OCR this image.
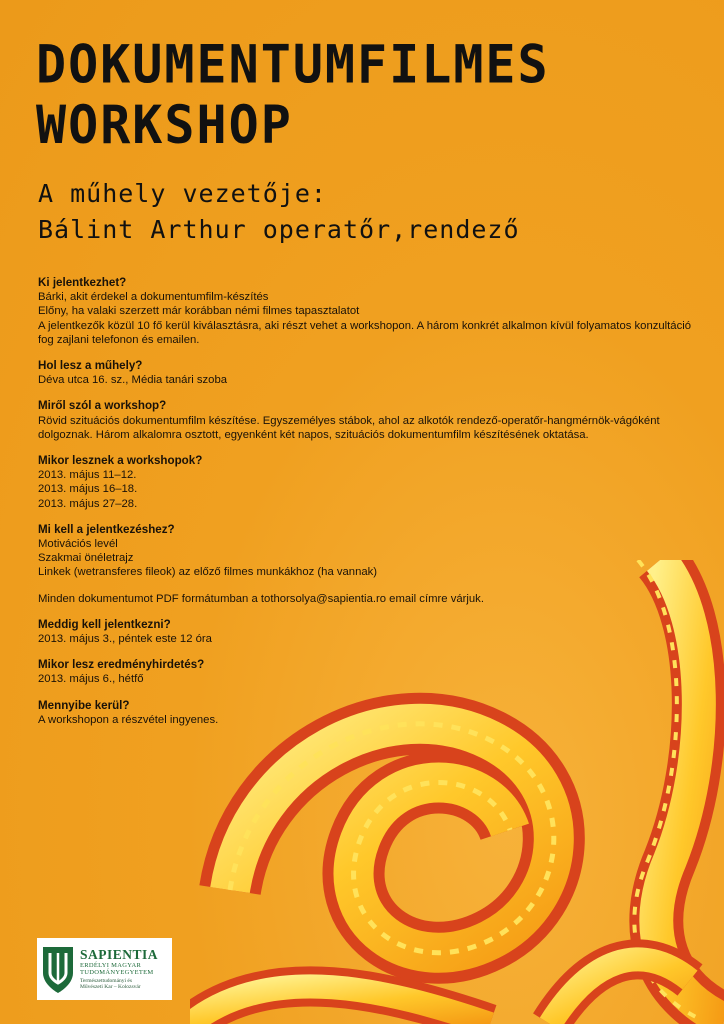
DOKUMENTUMFILMES
WORKSHOP
A műhely vezetője:
Bálint Arthur operatőr,rendező
Ki jelentkezhet?

Bárki, akit érdekel a dokumentumfilm-készítés

Előny, ha valaki szerzett már korábban némi filmes tapasztalatot

A jelentkezők közül 10 fő kerül kiválasztásra, aki részt vehet a workshopon. A három konkrét alkalmon kívül folyamatos konzultáció fog zajlani telefonon és emailen.

Hol lesz a műhely?

Déva utca 16. sz., Média tanári szoba

Miről szól a workshop?

Rövid szituációs dokumentumfilm készítése. Egyszemélyes stábok, ahol az alkotók rendező-operatőr-hangmérnök-vágóként dolgoznak. Három alkalomra osztott, egyenként két napos, szituációs dokumentumfilm készítésének oktatása.

Mikor lesznek a workshopok?

2013. május 11–12.

2013. május 16–18.

2013. május 27–28.

Mi kell a jelentkezéshez?

Motivációs levél

Szakmai önéletrajz

Linkek (wetransferes fileok) az előző filmes munkákhoz (ha vannak)

Minden dokumentumot PDF formátumban a tothorsolya@sapientia.ro email címre várjuk.

Meddig kell jelentkezni?

2013. május 3., péntek este 12 óra

Mikor lesz eredményhirdetés?

2013. május 6., hétfő

Mennyibe kerül?

A workshopon a részvétel ingyenes.

SAPIENTIA
ERDÉLYI MAGYAR
TUDOMÁNYEGYETEM
Természettudományi és
Művészeti Kar – Kolozsvár
